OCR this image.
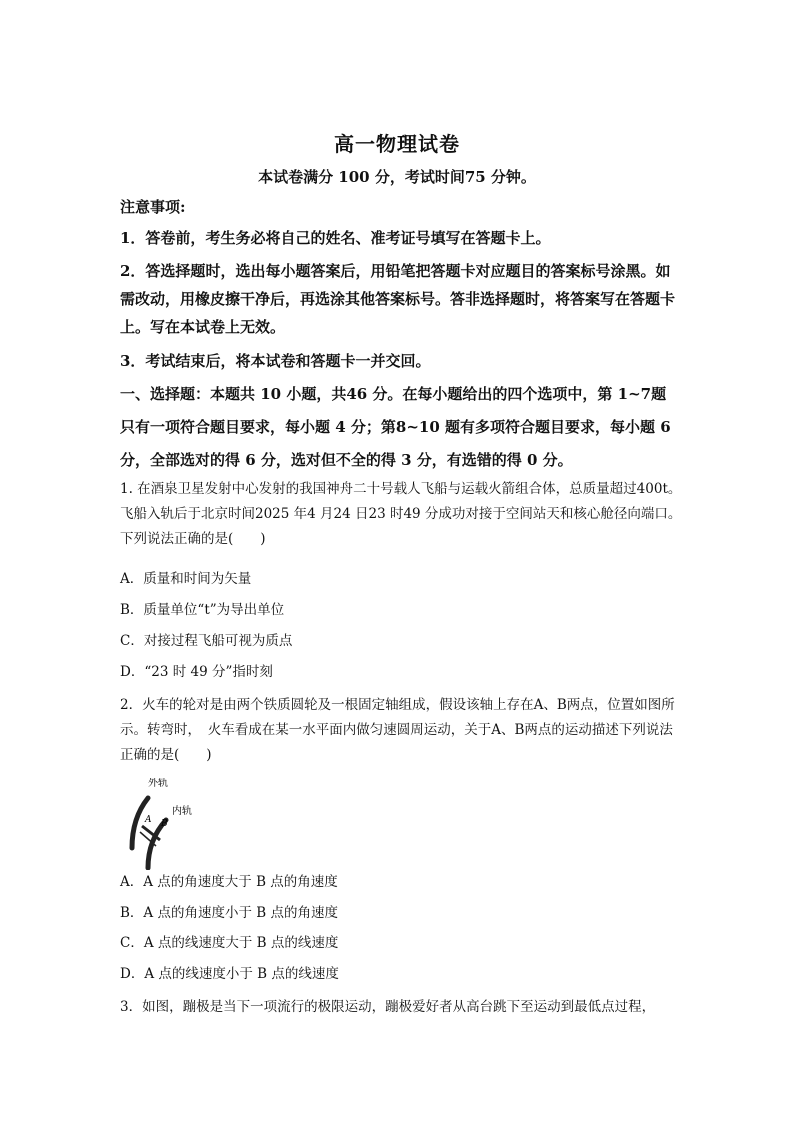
高一物理试卷
本试卷满分 100 分，考试时间75 分钟。
注意事项:
1．答卷前，考生务必将自己的姓名、准考证号填写在答题卡上。
2．答选择题时，选出每小题答案后，用铅笔把答题卡对应题目的答案标号涂黑。如需改动，用橡皮擦干净后，再选涂其他答案标号。答非选择题时，将答案写在答题卡上。写在本试卷上无效。
3．考试结束后，将本试卷和答题卡一并交回。
一、选择题：本题共 10 小题，共46 分。在每小题给出的四个选项中，第 1~7题只有一项符合题目要求，每小题 4 分；第8~10 题有多项符合题目要求，每小题 6 分，全部选对的得 6 分，选对但不全的得 3 分，有选错的得 0 分。
1. 在酒泉卫星发射中心发射的我国神舟二十号载人飞船与运载火箭组合体，总质量超过400t。飞船入轨后于北京时间2025 年4 月24 日23 时49 分成功对接于空间站天和核心舱径向端口。下列说法正确的是(　　)
A．质量和时间为矢量
B．质量单位“t”为导出单位
C．对接过程飞船可视为质点
D．“23 时 49 分”指时刻
2．火车的轮对是由两个铁质圆轮及一根固定轴组成，假设该轴上存在A、B两点，位置如图所示。转弯时，　火车看成在某一水平面内做匀速圆周运动，关于A、B两点的运动描述下列说法正确的是(　　)
外轨
内轨
A B
A．A 点的角速度大于 B 点的角速度
B．A 点的角速度小于 B 点的角速度
C．A 点的线速度大于 B 点的线速度
D．A 点的线速度小于 B 点的线速度
3．如图，蹦极是当下一项流行的极限运动，蹦极爱好者从高台跳下至运动到最低点过程，
